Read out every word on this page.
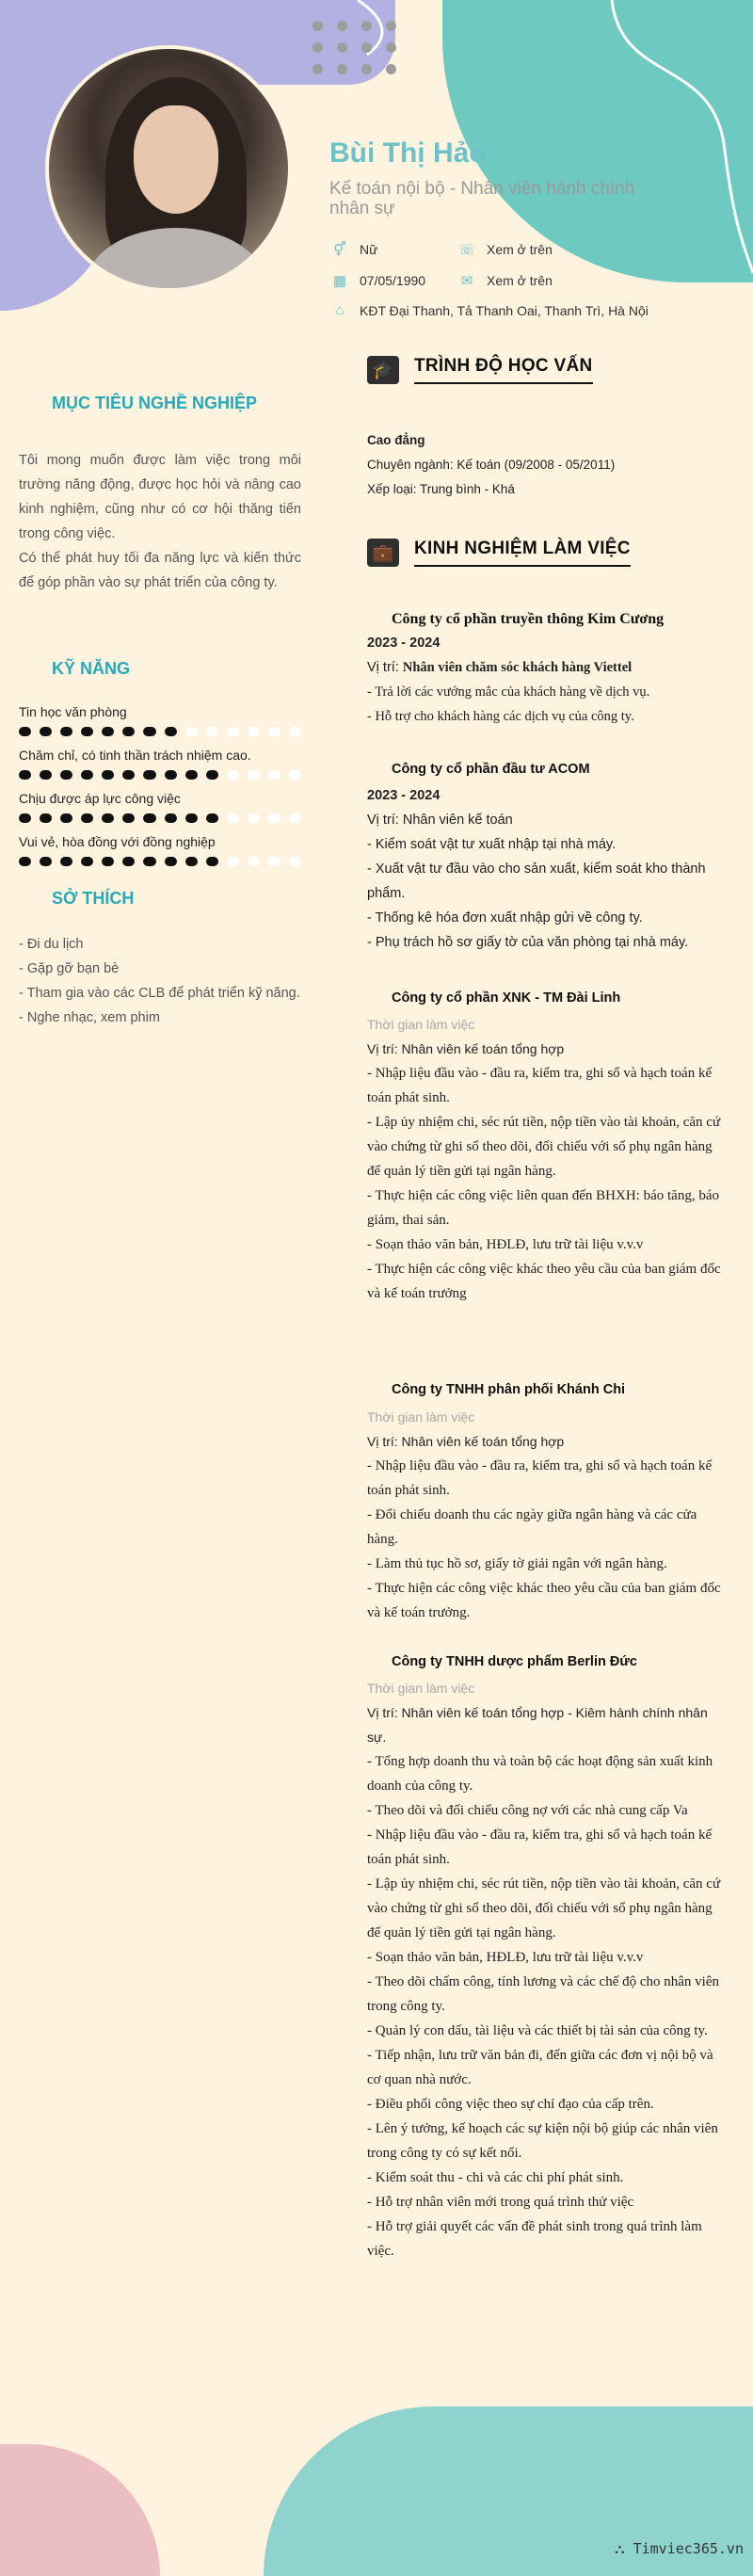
Bùi Thị Hảo
Kế toán nội bộ - Nhân viên hành chính nhân sự
⚥	Nữ	☏ Xem ở trên
▦ 07/05/1990	✉	Xem ở trên
⌂	KĐT Đại Thanh, Tả Thanh Oai, Thanh Trì, Hà Nội
MỤC TIÊU NGHỀ NGHIỆP
Tôi mong muốn được làm việc trong môi trường năng động, được học hỏi và nâng cao kinh nghiệm, cũng như có cơ hội thăng tiến trong công việc.
Có thể phát huy tối đa năng lực và kiến thức để góp phần vào sự phát triển của công ty.
KỸ NĂNG
Tin học văn phòng
Chăm chỉ, có tinh thần trách nhiệm cao.
Chịu được áp lực công việc
Vui vẻ, hòa đồng với đồng nghiệp
SỞ THÍCH
- Đi du lịch
- Gặp gỡ bạn bè
- Tham gia vào các CLB để phát triển kỹ năng.
- Nghe nhạc, xem phim
🎓	TRÌNH ĐỘ HỌC VẤN
Cao đẳng
Chuyên ngành: Kế toán (09/2008 - 05/2011)
Xếp loại: Trung bình - Khá
💼	KINH NGHIỆM LÀM VIỆC
Công ty cổ phần truyền thông Kim Cương
2023 - 2024
Vị trí: Nhân viên chăm sóc khách hàng Viettel
- Trả lời các vướng mắc của khách hàng về dịch vụ.
- Hỗ trợ cho khách hàng các dịch vụ của công ty.
Công ty cổ phần đầu tư ACOM
2023 - 2024
Vị trí: Nhân viên kế toán
- Kiểm soát vật tư xuất nhập tại nhà máy.
- Xuất vật tư đầu vào cho sản xuất, kiểm soát kho thành phẩm.
- Thống kê hóa đơn xuất nhập gửi về công ty.
- Phụ trách hồ sơ giấy tờ của văn phòng tại nhà máy.
Công ty cổ phần XNK - TM Đài Linh
Thời gian làm việc
Vị trí: Nhân viên kế toán tổng hợp
- Nhập liệu đầu vào - đầu ra, kiểm tra, ghi sổ và hạch toán kế toán phát sinh.
- Lập ủy nhiệm chi, séc rút tiền, nộp tiền vào tài khoản, căn cứ vào chứng từ ghi sổ theo dõi, đối chiếu với sổ phụ ngân hàng để quản lý tiền gửi tại ngân hàng.
- Thực hiện các công việc liên quan đến BHXH: báo tăng, báo giảm, thai sản.
- Soạn thảo văn bản, HĐLĐ, lưu trữ tài liệu v.v.v
- Thực hiện các công việc khác theo yêu cầu của ban giám đốc và kế toán trưởng
Công ty TNHH phân phối Khánh Chi
Thời gian làm việc
Vị trí: Nhân viên kế toán tổng hợp
- Nhập liệu đầu vào - đầu ra, kiểm tra, ghi sổ và hạch toán kế toán phát sinh.
- Đối chiếu doanh thu các ngày giữa ngân hàng và các cửa hàng.
- Làm thủ tục hồ sơ, giấy tờ giải ngân với ngân hàng.
- Thực hiện các công việc khác theo yêu cầu của ban giám đốc và kế toán trưởng.
Công ty TNHH dược phẩm Berlin Đức
Thời gian làm việc
Vị trí: Nhân viên kế toán tổng hợp - Kiêm hành chính nhân sự.
- Tổng hợp doanh thu và toàn bộ các hoạt động sản xuất kinh doanh của công ty.
- Theo dõi và đối chiếu công nợ với các nhà cung cấp Va
- Nhập liệu đầu vào - đầu ra, kiểm tra, ghi sổ và hạch toán kế toán phát sinh.
- Lập ủy nhiệm chi, séc rút tiền, nộp tiền vào tài khoản, căn cứ vào chứng từ ghi sổ theo dõi, đối chiếu với sổ phụ ngân hàng để quản lý tiền gửi tại ngân hàng.
- Soạn thảo văn bản, HĐLĐ, lưu trữ tài liệu v.v.v
- Theo dõi chấm công, tính lương và các chế độ cho nhân viên trong công ty.
- Quản lý con dấu, tài liệu và các thiết bị tài sản của công ty.
- Tiếp nhận, lưu trữ văn bản đi, đến giữa các đơn vị nội bộ và cơ quan nhà nước.
- Điều phối công việc theo sự chỉ đạo của cấp trên.
- Lên ý tưởng, kế hoạch các sự kiện nội bộ giúp các nhân viên trong công ty có sự kết nối.
- Kiểm soát thu - chi và các chi phí phát sinh.
- Hỗ trợ nhân viên mới trong quá trình thử việc
- Hỗ trợ giải quyết các vấn đề phát sinh trong quá trình làm việc.
⛬ Timviec365.vn
